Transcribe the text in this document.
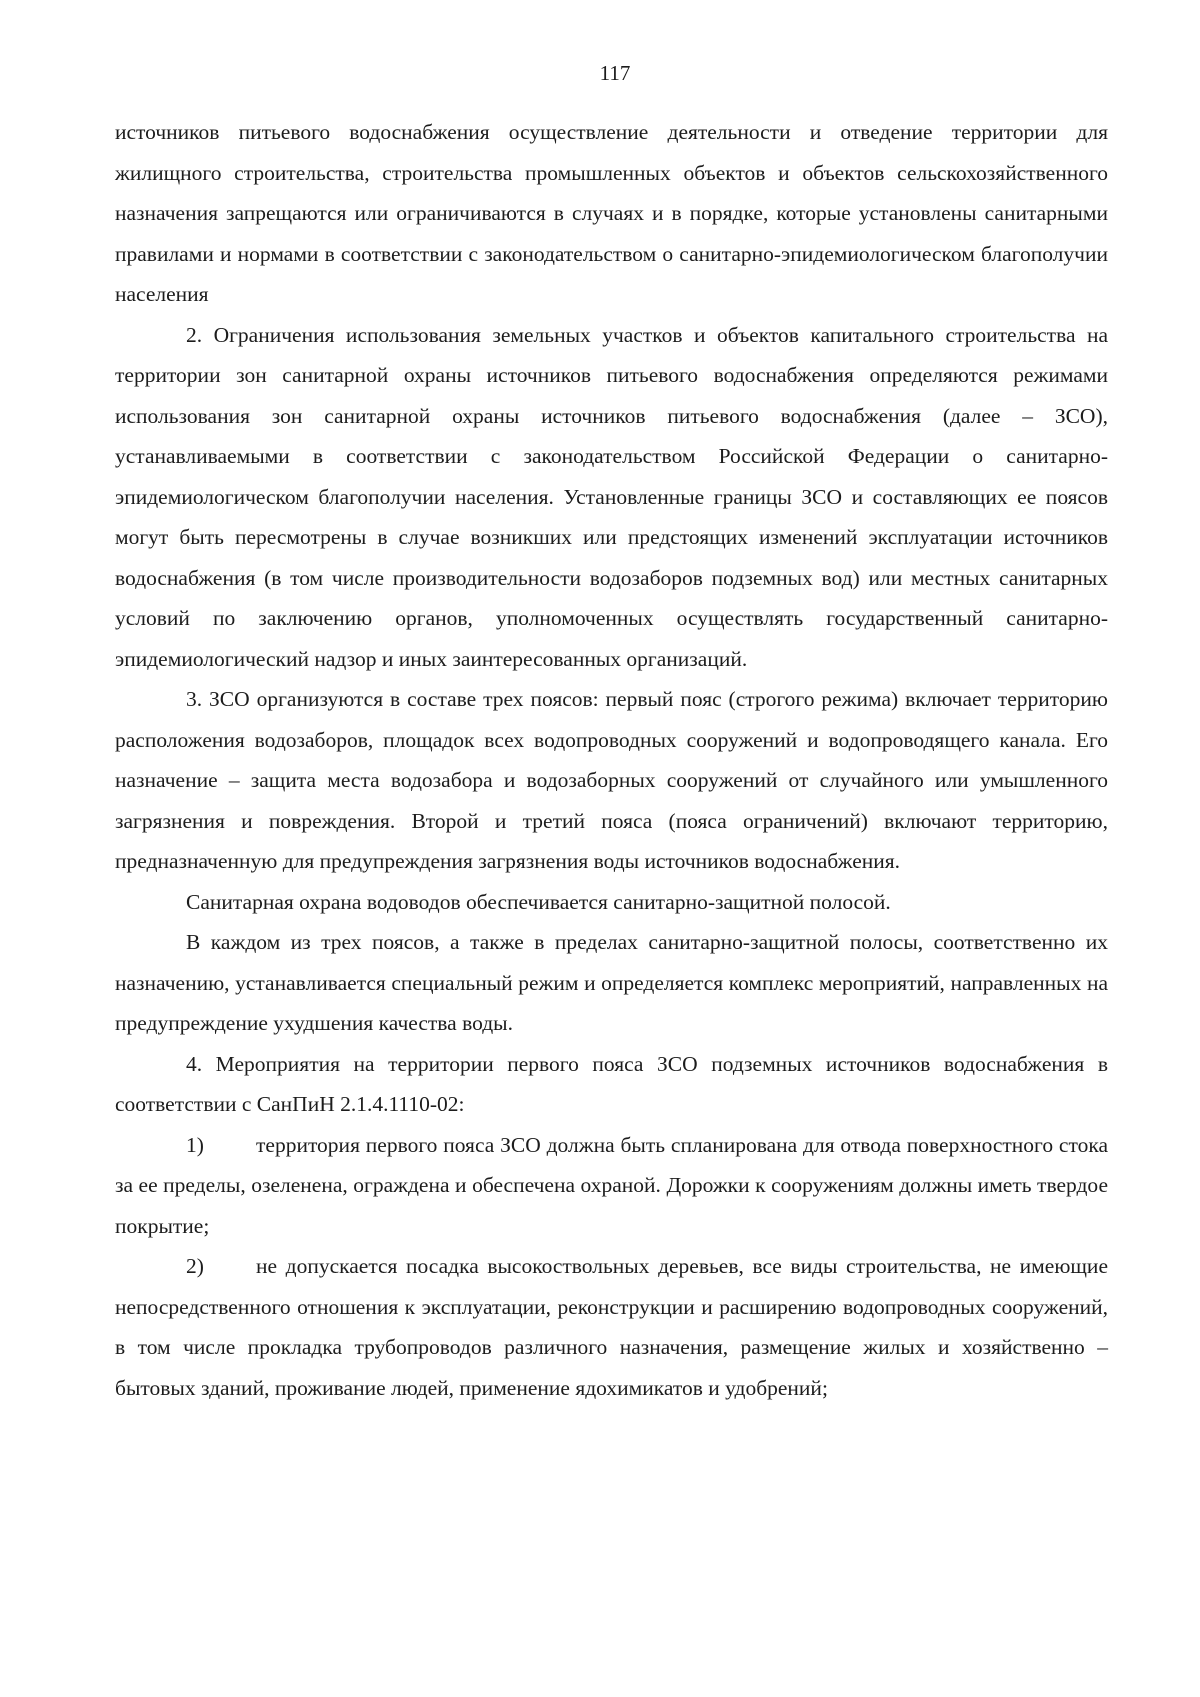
117

источников питьевого водоснабжения осуществление деятельности и отведение территории для жилищного строительства, строительства промышленных объектов и объектов сельскохозяйственного назначения запрещаются или ограничиваются в случаях и в порядке, которые установлены санитарными правилами и нормами в соответствии с законодательством о санитарно-эпидемиологическом благополучии населения

2. Ограничения использования земельных участков и объектов капитального строительства на территории зон санитарной охраны источников питьевого водоснабжения определяются режимами использования зон санитарной охраны источников питьевого водоснабжения (далее – ЗСО), устанавливаемыми в соответствии с законодательством Российской Федерации о санитарно-эпидемиологическом благополучии населения. Установленные границы ЗСО и составляющих ее поясов могут быть пересмотрены в случае возникших или предстоящих изменений эксплуатации источников водоснабжения (в том числе производительности водозаборов подземных вод) или местных санитарных условий по заключению органов, уполномоченных осуществлять государственный санитарно-эпидемиологический надзор и иных заинтересованных организаций.

3. ЗСО организуются в составе трех поясов: первый пояс (строгого режима) включает территорию расположения водозаборов, площадок всех водопроводных сооружений и водопроводящего канала. Его назначение – защита места водозабора и водозаборных сооружений от случайного или умышленного загрязнения и повреждения. Второй и третий пояса (пояса ограничений) включают территорию, предназначенную для предупреждения загрязнения воды источников водоснабжения.

Санитарная охрана водоводов обеспечивается санитарно-защитной полосой.

В каждом из трех поясов, а также в пределах санитарно-защитной полосы, соответственно их назначению, устанавливается специальный режим и определяется комплекс мероприятий, направленных на предупреждение ухудшения качества воды.

4. Мероприятия на территории первого пояса ЗСО подземных источников водоснабжения в соответствии с СанПиН 2.1.4.1110-02:

1) территория первого пояса ЗСО должна быть спланирована для отвода поверхностного стока за ее пределы, озеленена, ограждена и обеспечена охраной. Дорожки к сооружениям должны иметь твердое покрытие;

2) не допускается посадка высокоствольных деревьев, все виды строительства, не имеющие непосредственного отношения к эксплуатации, реконструкции и расширению водопроводных сооружений, в том числе прокладка трубопроводов различного назначения, размещение жилых и хозяйственно – бытовых зданий, проживание людей, применение ядохимикатов и удобрений;
